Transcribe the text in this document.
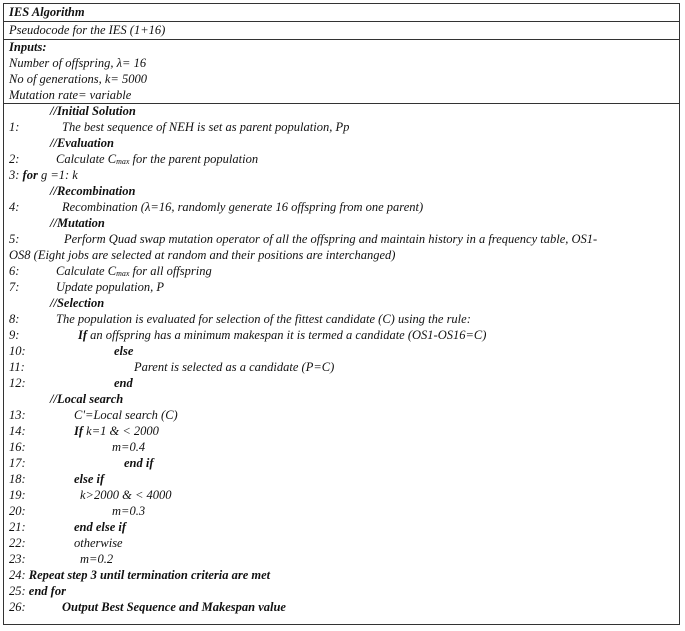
IES Algorithm
Pseudocode for the IES (1+16)
Inputs:
Number of offspring, λ= 16
No of generations, k= 5000
Mutation rate= variable
//Initial Solution
1:	The best sequence of NEH is set as parent population, Pp
//Evaluation
2:	Calculate $C_{max}$ for the parent population
3: for g =1: k
//Recombination
4:	Recombination (λ=16, randomly generate 16 offspring from one parent)
//Mutation
5:	Perform Quad swap mutation operator of all the offspring and maintain history in a frequency table, OS1-
OS8 (Eight jobs are selected at random and their positions are interchanged)
6:	Calculate $C_{max}$ for all offspring
7:	Update population, P
//Selection
8:	The population is evaluated for selection of the fittest candidate (C) using the rule:
9:	If an offspring has a minimum makespan it is termed a candidate (OS1-OS16=C)
10:	else
11:	Parent is selected as a candidate (P=C)
12:	end
//Local search
13:	C'=Local search (C)
14:	If k=1 & < 2000
16:	m=0.4
17:	end if
18:	else if
19:	k>2000 & < 4000
20:	m=0.3
21:	end else if
22:	otherwise
23:	m=0.2
24: Repeat step 3 until termination criteria are met
25: end for
26:	Output Best Sequence and Makespan value
